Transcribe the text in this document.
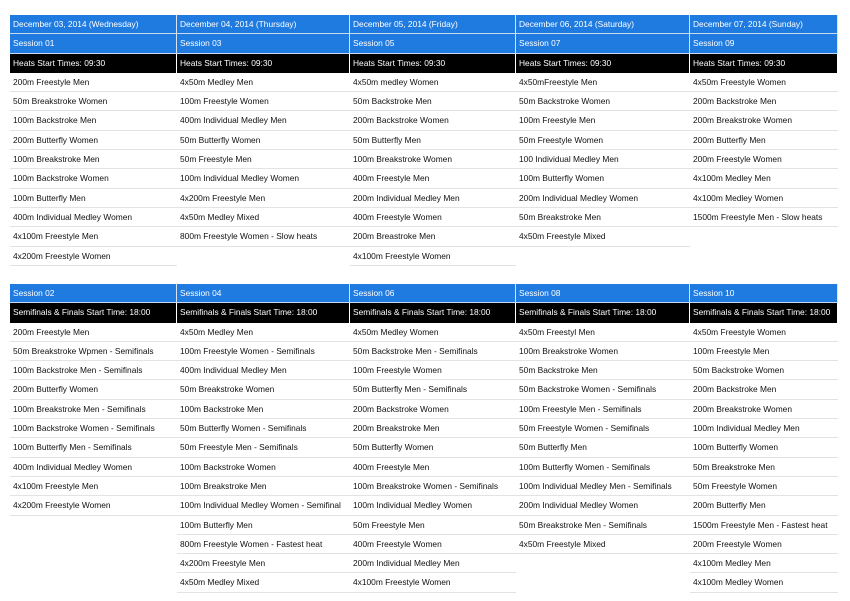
December 03, 2014 (Wednesday)
Session 01
Heats Start Times: 09:30
200m Freestyle Men
50m Breakstroke Women
100m Backstroke Men
200m Butterfly Women
100m Breakstroke Men
100m Backstroke Women
100m Butterfly Men
400m Individual Medley Women
4x100m Freestyle Men
4x200m Freestyle Women
December 04, 2014 (Thursday)
Session 03
Heats Start Times: 09:30
4x50m Medley Men
100m Freestyle Women
400m Individual Medley Men
50m Butterfly Women
50m Freestyle Men
100m Individual Medley Women
4x200m Freestyle Men
4x50m Medley Mixed
800m Freestyle Women - Slow heats
December 05, 2014 (Friday)
Session 05
Heats Start Times: 09:30
4x50m medley Women
50m Backstroke Men
200m Backstroke Women
50m Butterfly Men
100m Breakstroke Women
400m Freestyle Men
200m Individual Medley Men
400m Freestyle Women
200m Breastroke Men
4x100m Freestyle Women
December 06, 2014 (Saturday)
Session 07
Heats Start Times: 09:30
4x50mFreestyle Men
50m Backstroke Women
100m Freestyle Men
50m Freestyle Women
100 Individual Medley Men
100m Butterfly Women
200m Individual Medley Women
50m Breakstroke Men
4x50m Freestyle Mixed
December 07, 2014 (Sunday)
Session 09
Heats Start Times: 09:30
4x50m Freestyle Women
200m Backstroke Men
200m Breakstroke Women
200m Butterfly Men
200m Freestyle Women
4x100m Medley Men
4x100m Medley Women
1500m Freestyle Men - Slow heats
Session 02
Semifinals & Finals Start Time: 18:00
200m Freestyle Men
50m Breakstroke Wpmen - Semifinals
100m Backstroke Men - Semifinals
200m Butterfly Women
100m Breakstroke Men - Semifinals
100m Backstroke Women - Semifinals
100m Butterfly Men - Semifinals
400m Individual Medley Women
4x100m Freestyle Men
4x200m Freestyle Women
Session 04
Semifinals & Finals Start Time: 18:00
4x50m Medley Men
100m Freestyle Women - Semifinals
400m Individual Medley Men
50m Breakstroke Women
100m Backstroke Men
50m Butterfly Women - Semifinals
50m Freestyle Men - Semifinals
100m Backstroke Women
100m Breakstroke Men
100m Individual Medley Women - Semifinal
100m Butterfly Men
800m Freestyle Women - Fastest heat
4x200m Freestyle Men
4x50m Medley Mixed
Session 06
Semifinals & Finals Start Time: 18:00
4x50m Medley Women
50m Backstroke Men - Semifinals
100m Freestyle Women
50m Butterfly Men - Semifinals
200m Backstroke Women
200m Breakstroke Men
50m Butterfly Women
400m Freestyle Men
100m Breakstroke Women - Semifinals
100m Individual Medley Women
50m Freestyle Men
400m Freestyle Women
200m Individual Medley Men
4x100m Freestyle Women
Session 08
Semifinals & Finals Start Time: 18:00
4x50m Freestyl Men
100m Breakstroke Women
50m Backstroke Men
50m Backstroke Women - Semifinals
100m Freestyle Men - Semifinals
50m Freestyle Women - Semifinals
50m Butterfly Men
100m Butterfly Women - Semifinals
100m Individual Medley Men - Semifinals
200m Individual Medley Women
50m Breakstroke Men - Semifinals
4x50m Freestyle Mixed
Session 10
Semifinals & Finals Start Time: 18:00
4x50m Freestyle Women
100m Freestyle Men
50m Backstroke Women
200m Backstroke Men
200m Breakstroke Women
100m Individual Medley Men
100m Butterfly Women
50m Breakstroke Men
50m Freestyle Women
200m Butterfly Men
1500m Freestyle Men - Fastest heat
200m Freestyle Women
4x100m Medley Men
4x100m Medley Women
